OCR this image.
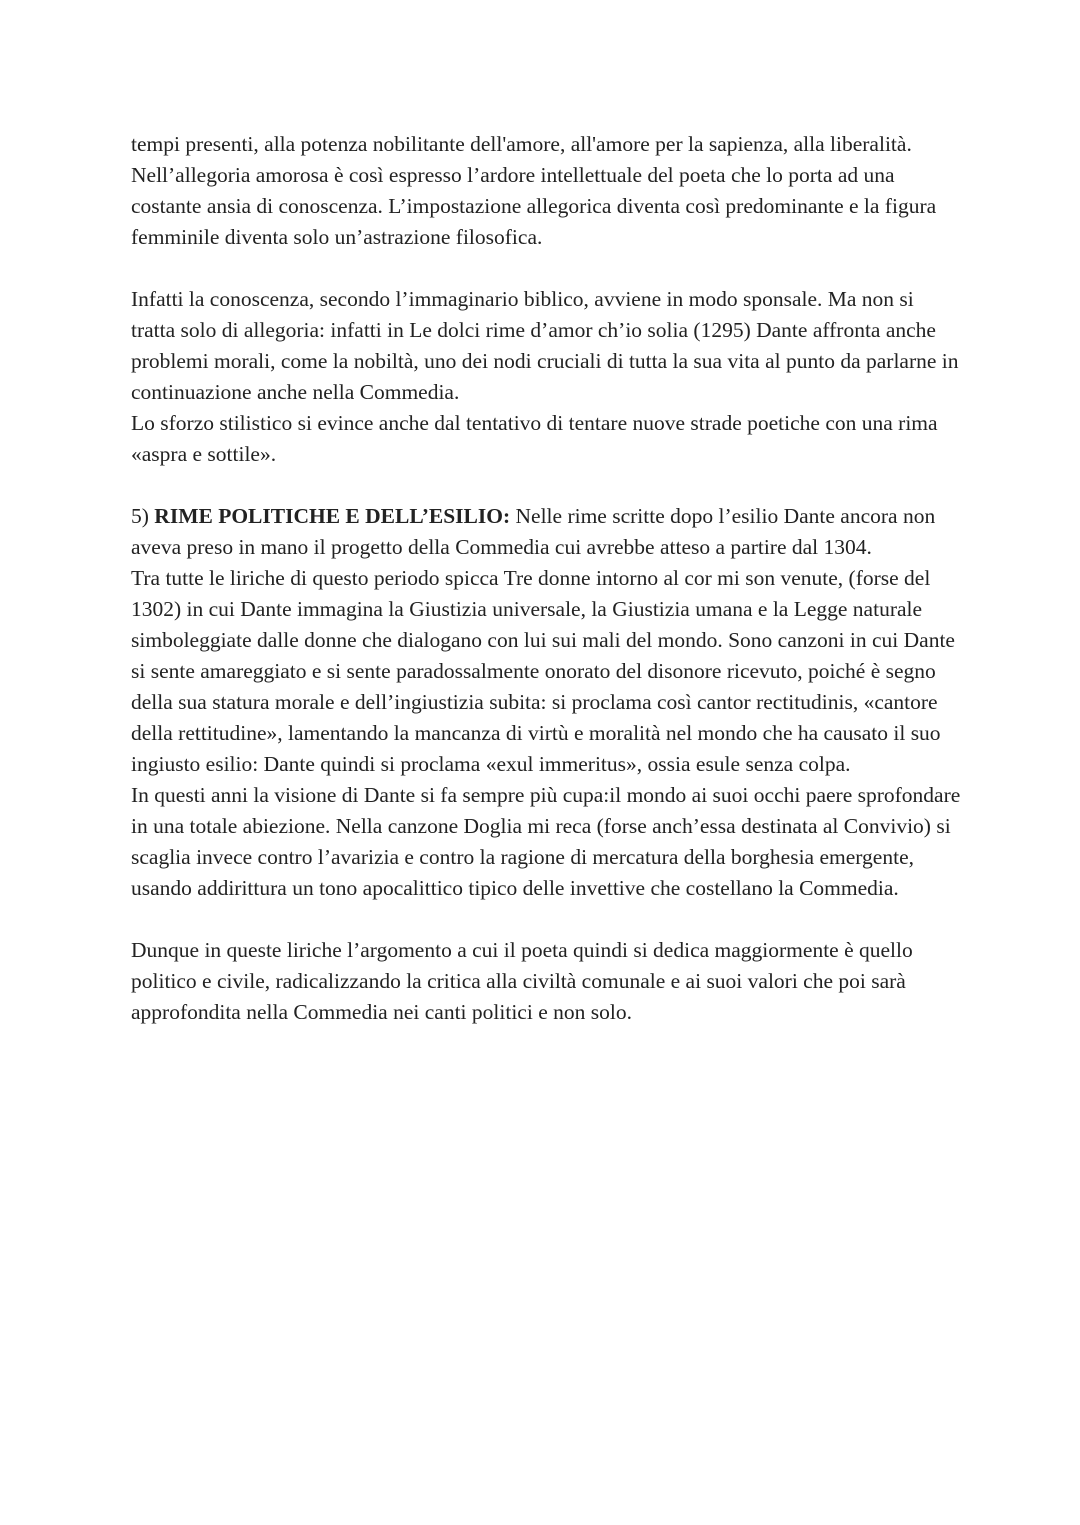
tempi presenti, alla potenza nobilitante dell'amore, all'amore per la sapienza, alla liberalità.

Nell’allegoria amorosa è così espresso l’ardore intellettuale del poeta che lo porta ad una costante ansia di conoscenza. L’impostazione allegorica diventa così predominante e la figura femminile diventa solo un’astrazione filosofica.

Infatti la conoscenza, secondo l’immaginario biblico, avviene in modo sponsale. Ma non si tratta solo di allegoria: infatti in Le dolci rime d’amor ch’io solia (1295) Dante affronta anche problemi morali, come la nobiltà, uno dei nodi cruciali di tutta la sua vita al punto da parlarne in continuazione anche nella Commedia.

Lo sforzo stilistico si evince anche dal tentativo di tentare nuove strade poetiche con una rima «aspra e sottile».

5) RIME POLITICHE E DELL’ESILIO: Nelle rime scritte dopo l’esilio Dante ancora non aveva preso in mano il progetto della Commedia cui avrebbe atteso a partire dal 1304.

Tra tutte le liriche di questo periodo spicca Tre donne intorno al cor mi son venute, (forse del 1302) in cui Dante immagina la Giustizia universale, la Giustizia umana e la Legge naturale simboleggiate dalle donne che dialogano con lui sui mali del mondo. Sono canzoni in cui Dante si sente amareggiato e si sente paradossalmente onorato del disonore ricevuto, poiché è segno della sua statura morale e dell’ingiustizia subita: si proclama così cantor rectitudinis, «cantore della rettitudine», lamentando la mancanza di virtù e moralità nel mondo che ha causato il suo ingiusto esilio: Dante quindi si proclama «exul immeritus», ossia esule senza colpa.

In questi anni la visione di Dante si fa sempre più cupa:il mondo ai suoi occhi paere sprofondare in una totale abiezione. Nella canzone Doglia mi reca (forse anch’essa destinata al Convivio) si scaglia invece contro l’avarizia e contro la ragione di mercatura della borghesia emergente, usando addirittura un tono apocalittico tipico delle invettive che costellano la Commedia.

Dunque in queste liriche l’argomento a cui il poeta quindi si dedica maggiormente è quello politico e civile, radicalizzando la critica alla civiltà comunale e ai suoi valori che poi sarà approfondita nella Commedia nei canti politici e non solo.
